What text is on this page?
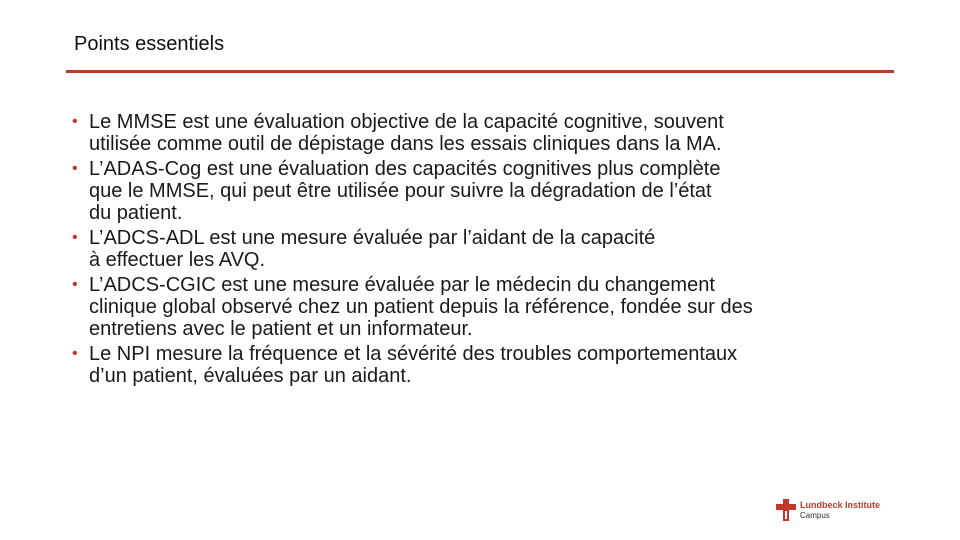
Points essentiels
• Le MMSE est une évaluation objective de la capacité cognitive, souvent
utilisée comme outil de dépistage dans les essais cliniques dans la MA.
• L’ADAS-Cog est une évaluation des capacités cognitives plus complète
que le MMSE, qui peut être utilisée pour suivre la dégradation de l’état
du patient.
• L’ADCS-ADL est une mesure évaluée par l’aidant de la capacité
à effectuer les AVQ.
• L’ADCS-CGIC est une mesure évaluée par le médecin du changement
clinique global observé chez un patient depuis la référence, fondée sur des
entretiens avec le patient et un informateur.
• Le NPI mesure la fréquence et la sévérité des troubles comportementaux
d’un patient, évaluées par un aidant.
Lundbeck Institute
Campus
